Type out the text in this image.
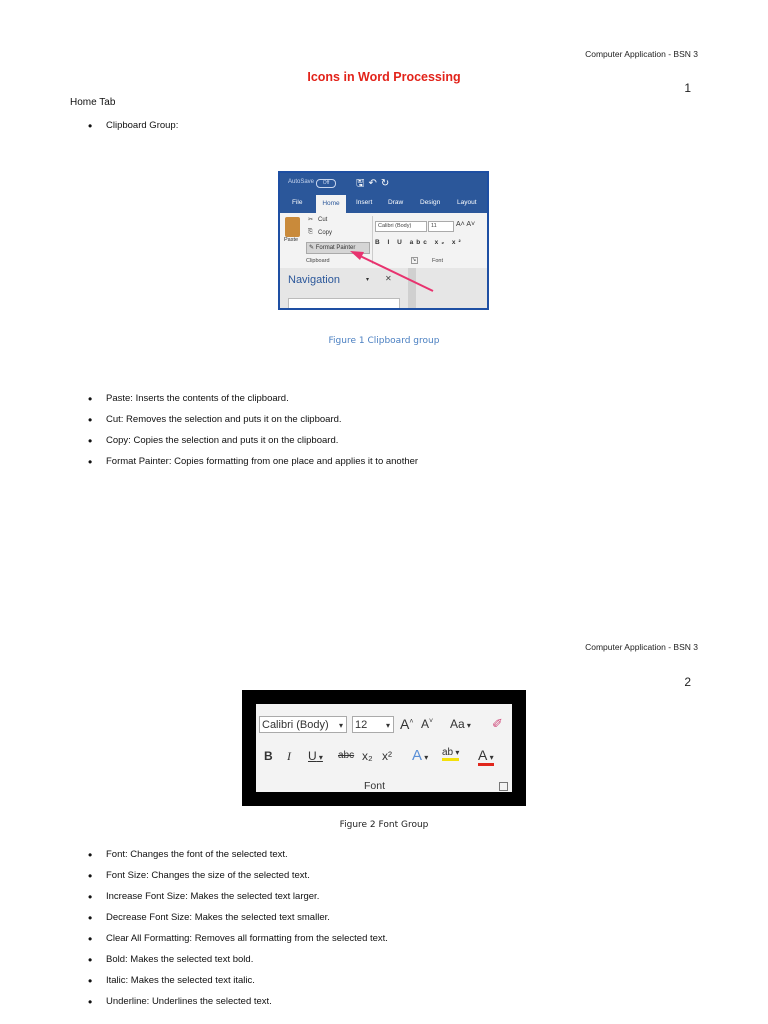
Computer Application - BSN 3
1
Icons in Word Processing
Home Tab
• Clipboard Group:
AutoSave	Off	🖫↶↻
File	Home	Insert Draw	Design	Layout
Paste
✂ Cut
⎘ Copy
✎ Format Painter
Clipboard
Calibri (Body)	11	A˄ A˅
B I U abc x₂ x²
Font
↘
Navigation	▾ ✕
Figure 1 Clipboard group
• Paste: Inserts the contents of the clipboard.
• Cut: Removes the selection and puts it on the clipboard.
• Copy: Copies the selection and puts it on the clipboard.
• Format Painter: Copies formatting from one place and applies it to another
Computer Application - BSN 3
2
Calibri (Body) ▾ 12 ▾ A˄ A˅ Aa ▾ ✐
B I U ▾ abc x₂ x² A ▾ ab ▾ A ▾
Font
Figure 2 Font Group
• Font: Changes the font of the selected text.
• Font Size: Changes the size of the selected text.
• Increase Font Size: Makes the selected text larger.
• Decrease Font Size: Makes the selected text smaller.
• Clear All Formatting: Removes all formatting from the selected text.
• Bold: Makes the selected text bold.
• Italic: Makes the selected text italic.
• Underline: Underlines the selected text.
